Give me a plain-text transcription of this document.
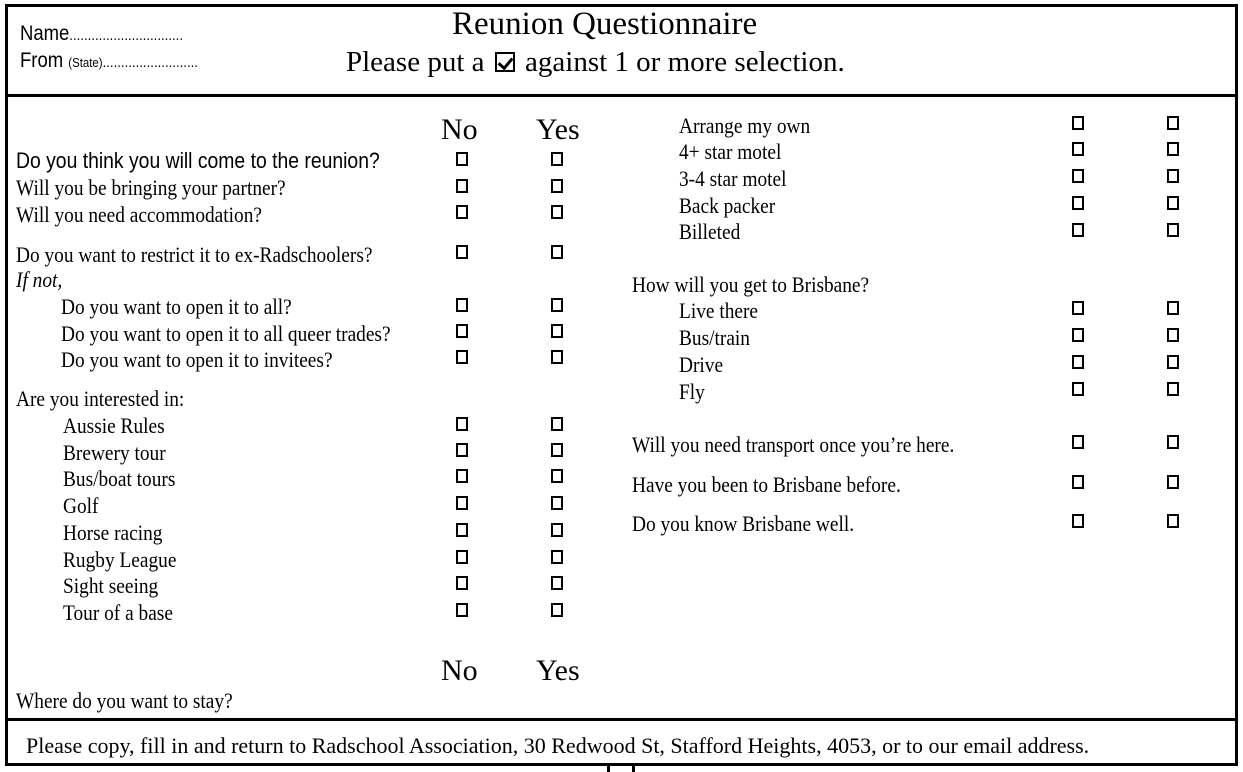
Name...............................
From (State)..........................
Reunion Questionnaire
Please put a against 1 or more selection.
No Yes
No Yes
Do you think you will come to the reunion?
Will you be bringing your partner?
Will you need accommodation?
Do you want to restrict it to ex-Radschoolers?
If not,
Do you want to open it to all?
Do you want to open it to all queer trades?
Do you want to open it to invitees?
Are you interested in:
Aussie Rules
Brewery tour
Bus/boat tours
Golf
Horse racing
Rugby League
Sight seeing
Tour of a base
Where do you want to stay?
Arrange my own
4+ star motel
3-4 star motel
Back packer
Billeted
How will you get to Brisbane?
Live there
Bus/train
Drive
Fly
Will you need transport once you’re here.
Have you been to Brisbane before.
Do you know Brisbane well.
Please copy, fill in and return to Radschool Association, 30 Redwood St, Stafford Heights, 4053, or to our email address.
